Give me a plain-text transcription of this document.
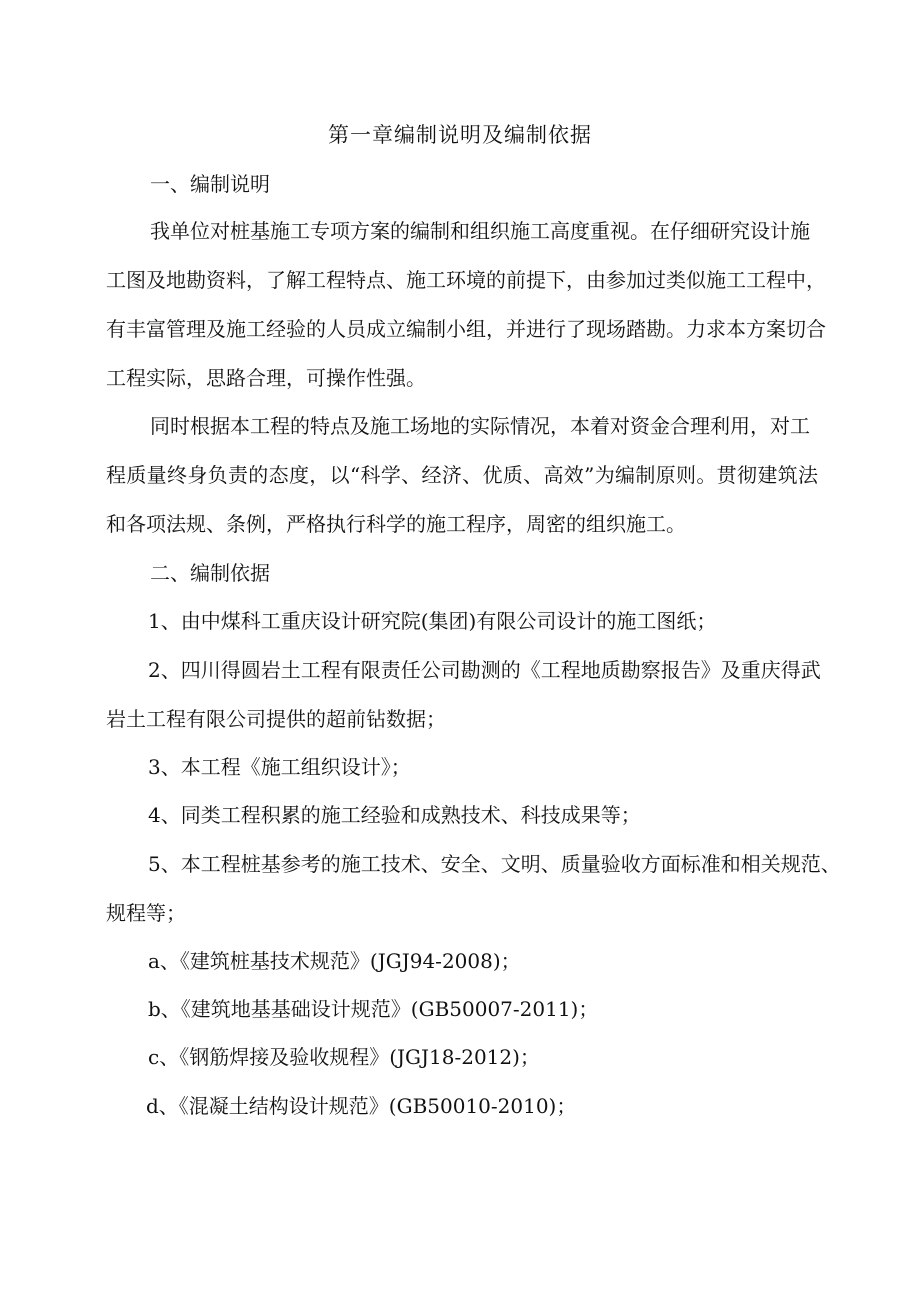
第一章编制说明及编制依据
一、编制说明
我单位对桩基施工专项方案的编制和组织施工高度重视。在仔细研究设计施
工图及地勘资料，了解工程特点、施工环境的前提下，由参加过类似施工工程中，
有丰富管理及施工经验的人员成立编制小组，并进行了现场踏勘。力求本方案切合
工程实际，思路合理，可操作性强。
同时根据本工程的特点及施工场地的实际情况，本着对资金合理利用，对工
程质量终身负责的态度，以“科学、经济、优质、高效”为编制原则。贯彻建筑法
和各项法规、条例，严格执行科学的施工程序，周密的组织施工。
二、编制依据
1、由中煤科工重庆设计研究院(集团)有限公司设计的施工图纸；
2、四川得圆岩土工程有限责任公司勘测的《工程地质勘察报告》及重庆得武
岩土工程有限公司提供的超前钻数据；
3、本工程《施工组织设计》；
4、同类工程积累的施工经验和成熟技术、科技成果等；
5、本工程桩基参考的施工技术、安全、文明、质量验收方面标准和相关规范、
规程等；
a、《建筑桩基技术规范》(JGJ94-2008)；
b、《建筑地基基础设计规范》(GB50007-2011)；
c、《钢筋焊接及验收规程》(JGJ18-2012)；
d、《混凝土结构设计规范》(GB50010-2010)；
